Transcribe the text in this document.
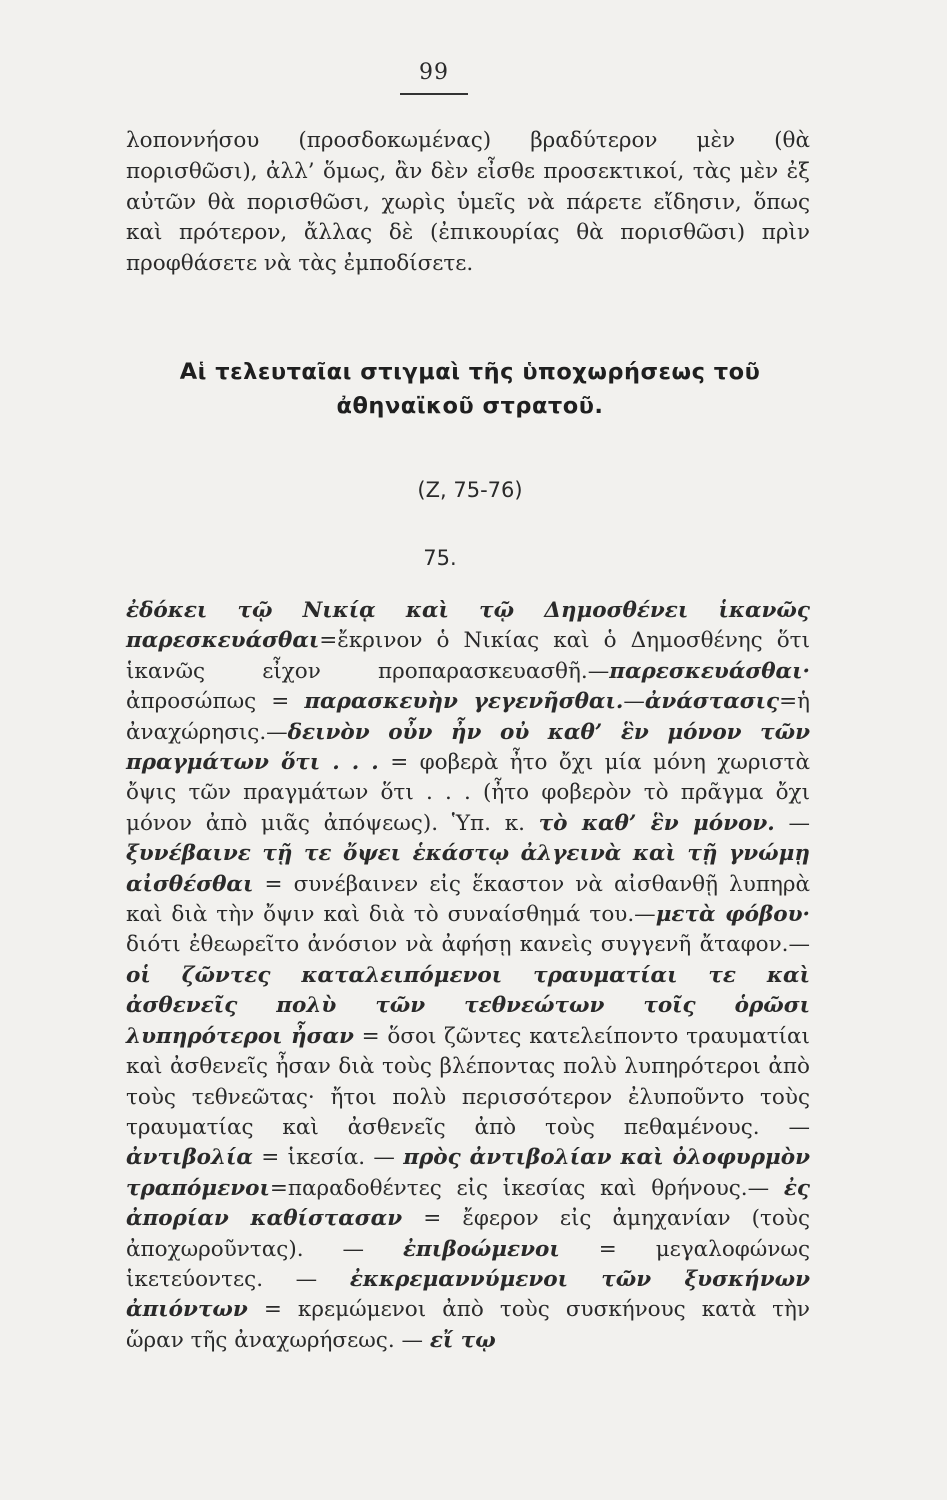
99

λοποννήσου (προσδοκωμένας) βραδύτερον μὲν (θὰ πορισθῶσι), ἀλλ’ ὅμως, ἂν δὲν εἶσθε προσεκτικοί, τὰς μὲν ἐξ αὐτῶν θὰ πορισθῶσι, χωρὶς ὑμεῖς νὰ πάρετε εἴδησιν, ὅπως καὶ πρότερον, ἄλλας δὲ (ἐπικουρίας θὰ πορισθῶσι) πρὶν προφθάσετε νὰ τὰς ἐμποδίσετε.

Αἱ τελευταῖαι στιγμαὶ τῆς ὑποχωρήσεως τοῦ
ἀθηναϊκοῦ στρατοῦ.
(Ζ, 75-76)
75.

ἐδόκει τῷ Νικίᾳ καὶ τῷ Δημοσθένει ἱκανῶς παρεσκευάσθαι=ἔκρινον ὁ Νικίας καὶ ὁ Δημοσθένης ὅτι ἱκανῶς εἶχον προπαρασκευασθῆ.—παρεσκευάσθαι· ἀπροσώπως = παρασκευὴν γεγενῆσθαι.—ἀνάστασις=ἡ ἀναχώρησις.—δεινὸν οὖν ἦν οὐ καθ’ ἓν μόνον τῶν πραγμάτων ὅτι . . . = φοβερὰ ἦτο ὄχι μία μόνη χωριστὰ ὄψις τῶν πραγμάτων ὅτι . . . (ἦτο φοβερὸν τὸ πρᾶγμα ὄχι μόνον ἀπὸ μιᾶς ἀπόψεως). Ὑπ. κ. τὸ καθ’ ἓν μόνον. — ξυνέβαινε τῇ τε ὄψει ἑκάστῳ ἀλγεινὰ καὶ τῇ γνώμῃ αἰσθέσθαι = συνέβαινεν εἰς ἕκαστον νὰ αἰσθανθῇ λυπηρὰ καὶ διὰ τὴν ὄψιν καὶ διὰ τὸ συναίσθημά του.—μετὰ φόβου· διότι ἐθεωρεῖτο ἀνόσιον νὰ ἀφήσῃ κανεὶς συγγενῆ ἄταφον.—οἱ ζῶντες καταλειπόμενοι τραυματίαι τε καὶ ἀσθενεῖς πολὺ τῶν τεθνεώτων τοῖς ὁρῶσι λυπηρότεροι ἦσαν = ὅσοι ζῶντες κατελείποντο τραυματίαι καὶ ἀσθενεῖς ἦσαν διὰ τοὺς βλέποντας πολὺ λυπηρότεροι ἀπὸ τοὺς τεθνεῶτας· ἤτοι πολὺ περισσότερον ἐλυποῦντο τοὺς τραυματίας καὶ ἀσθενεῖς ἀπὸ τοὺς πεθαμένους. — ἀντιβολία = ἱκεσία. — πρὸς ἀντιβολίαν καὶ ὀλοφυρμὸν τραπόμενοι=παραδοθέντες εἰς ἱκεσίας καὶ θρήνους.— ἐς ἀπορίαν καθίστασαν = ἔφερον εἰς ἀμηχανίαν (τοὺς ἀποχωροῦντας). — ἐπιβοώμενοι = μεγαλοφώνως ἱκετεύοντες. — ἐκκρεμαννύμενοι τῶν ξυσκήνων ἀπιόντων = κρεμώμενοι ἀπὸ τοὺς συσκήνους κατὰ τὴν ὥραν τῆς ἀναχωρήσεως. — εἴ τῳ
